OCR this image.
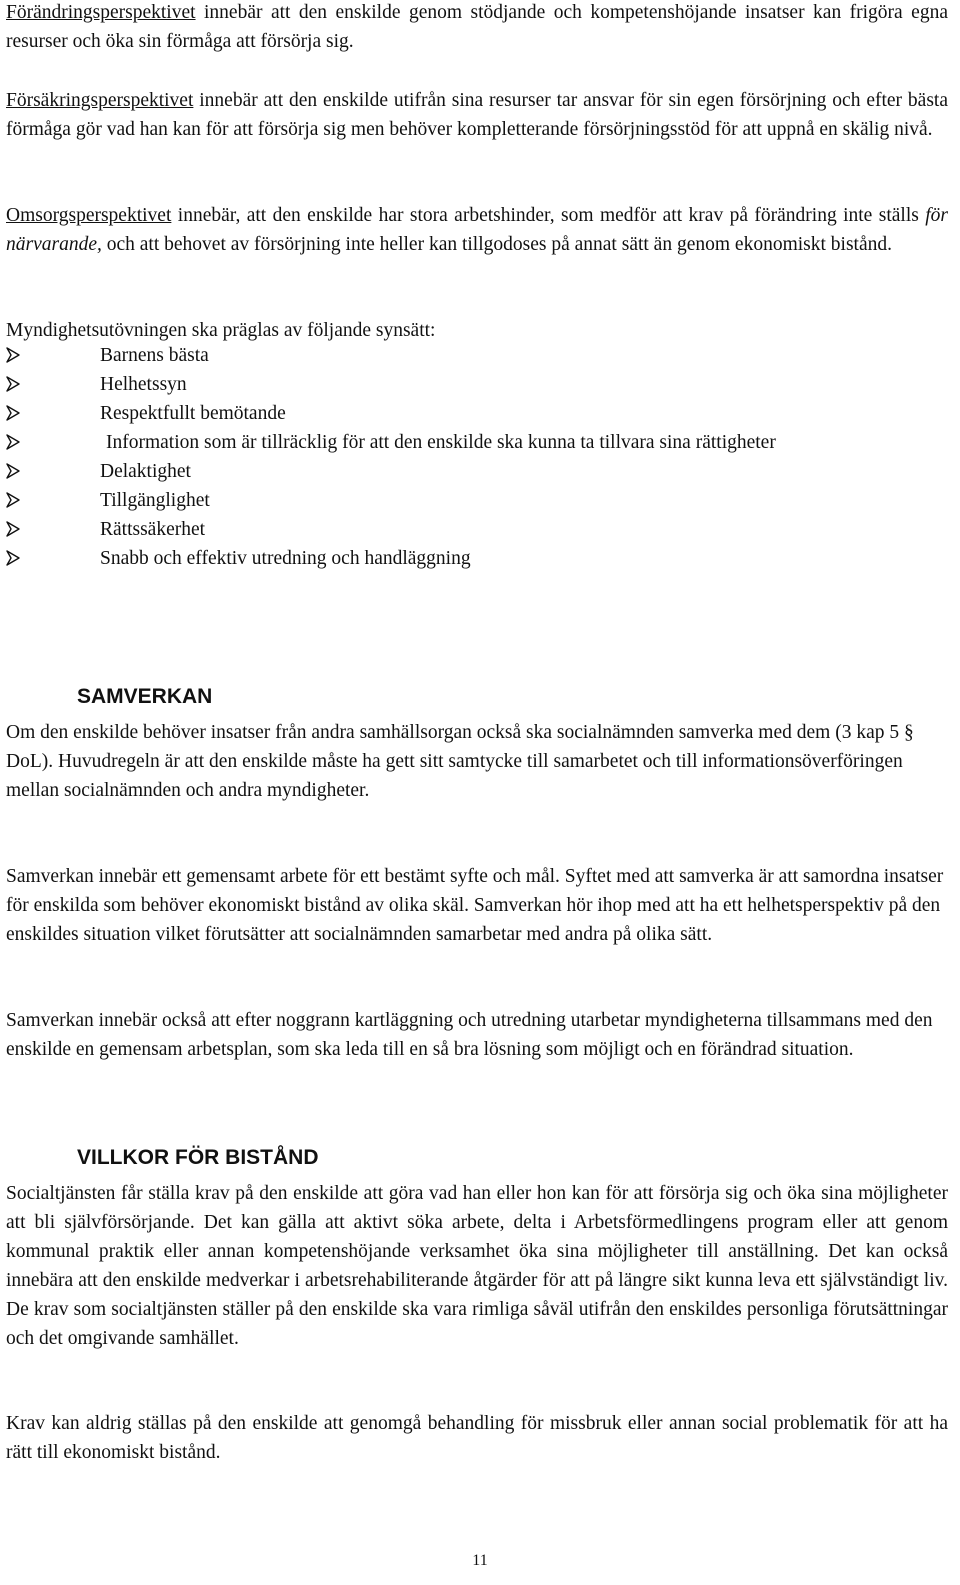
Förändringsperspektivet innebär att den enskilde genom stödjande och kompetenshöjande insatser kan frigöra egna resurser och öka sin förmåga att försörja sig.

Försäkringsperspektivet innebär att den enskilde utifrån sina resurser tar ansvar för sin egen försörjning och efter bästa förmåga gör vad han kan för att försörja sig men behöver kompletterande försörjningsstöd för att uppnå en skälig nivå.

Omsorgsperspektivet innebär, att den enskilde har stora arbetshinder, som medför att krav på förändring inte ställs för närvarande, och att behovet av försörjning inte heller kan tillgodoses på annat sätt än genom ekonomiskt bistånd.

Myndighetsutövningen ska präglas av följande synsätt:

Barnens bästa
Helhetssyn
Respektfullt bemötande
Information som är tillräcklig för att den enskilde ska kunna ta tillvara sina rättigheter
Delaktighet
Tillgänglighet
Rättssäkerhet
Snabb och effektiv utredning och handläggning
SAMVERKAN

Om den enskilde behöver insatser från andra samhällsorgan också ska socialnämnden samverka med dem (3 kap 5 § DoL). Huvudregeln är att den enskilde måste ha gett sitt samtycke till samarbetet och till informationsöverföringen mellan socialnämnden och andra myndigheter.

Samverkan innebär ett gemensamt arbete för ett bestämt syfte och mål. Syftet med att samverka är att samordna insatser för enskilda som behöver ekonomiskt bistånd av olika skäl. Samverkan hör ihop med att ha ett helhetsperspektiv på den enskildes situation vilket förutsätter att socialnämnden samarbetar med andra på olika sätt.

Samverkan innebär också att efter noggrann kartläggning och utredning utarbetar myndigheterna tillsammans med den enskilde en gemensam arbetsplan, som ska leda till en så bra lösning som möjligt och en förändrad situation.

VILLKOR FÖR BISTÅND

Socialtjänsten får ställa krav på den enskilde att göra vad han eller hon kan för att försörja sig och öka sina möjligheter att bli självförsörjande. Det kan gälla att aktivt söka arbete, delta i Arbetsförmedlingens program eller att genom kommunal praktik eller annan kompetenshöjande verksamhet öka sina möjligheter till anställning. Det kan också innebära att den enskilde medverkar i arbetsrehabiliterande åtgärder för att på längre sikt kunna leva ett självständigt liv. De krav som socialtjänsten ställer på den enskilde ska vara rimliga såväl utifrån den enskildes personliga förutsättningar och det omgivande samhället.

Krav kan aldrig ställas på den enskilde att genomgå behandling för missbruk eller annan social problematik för att ha rätt till ekonomiskt bistånd.

11
